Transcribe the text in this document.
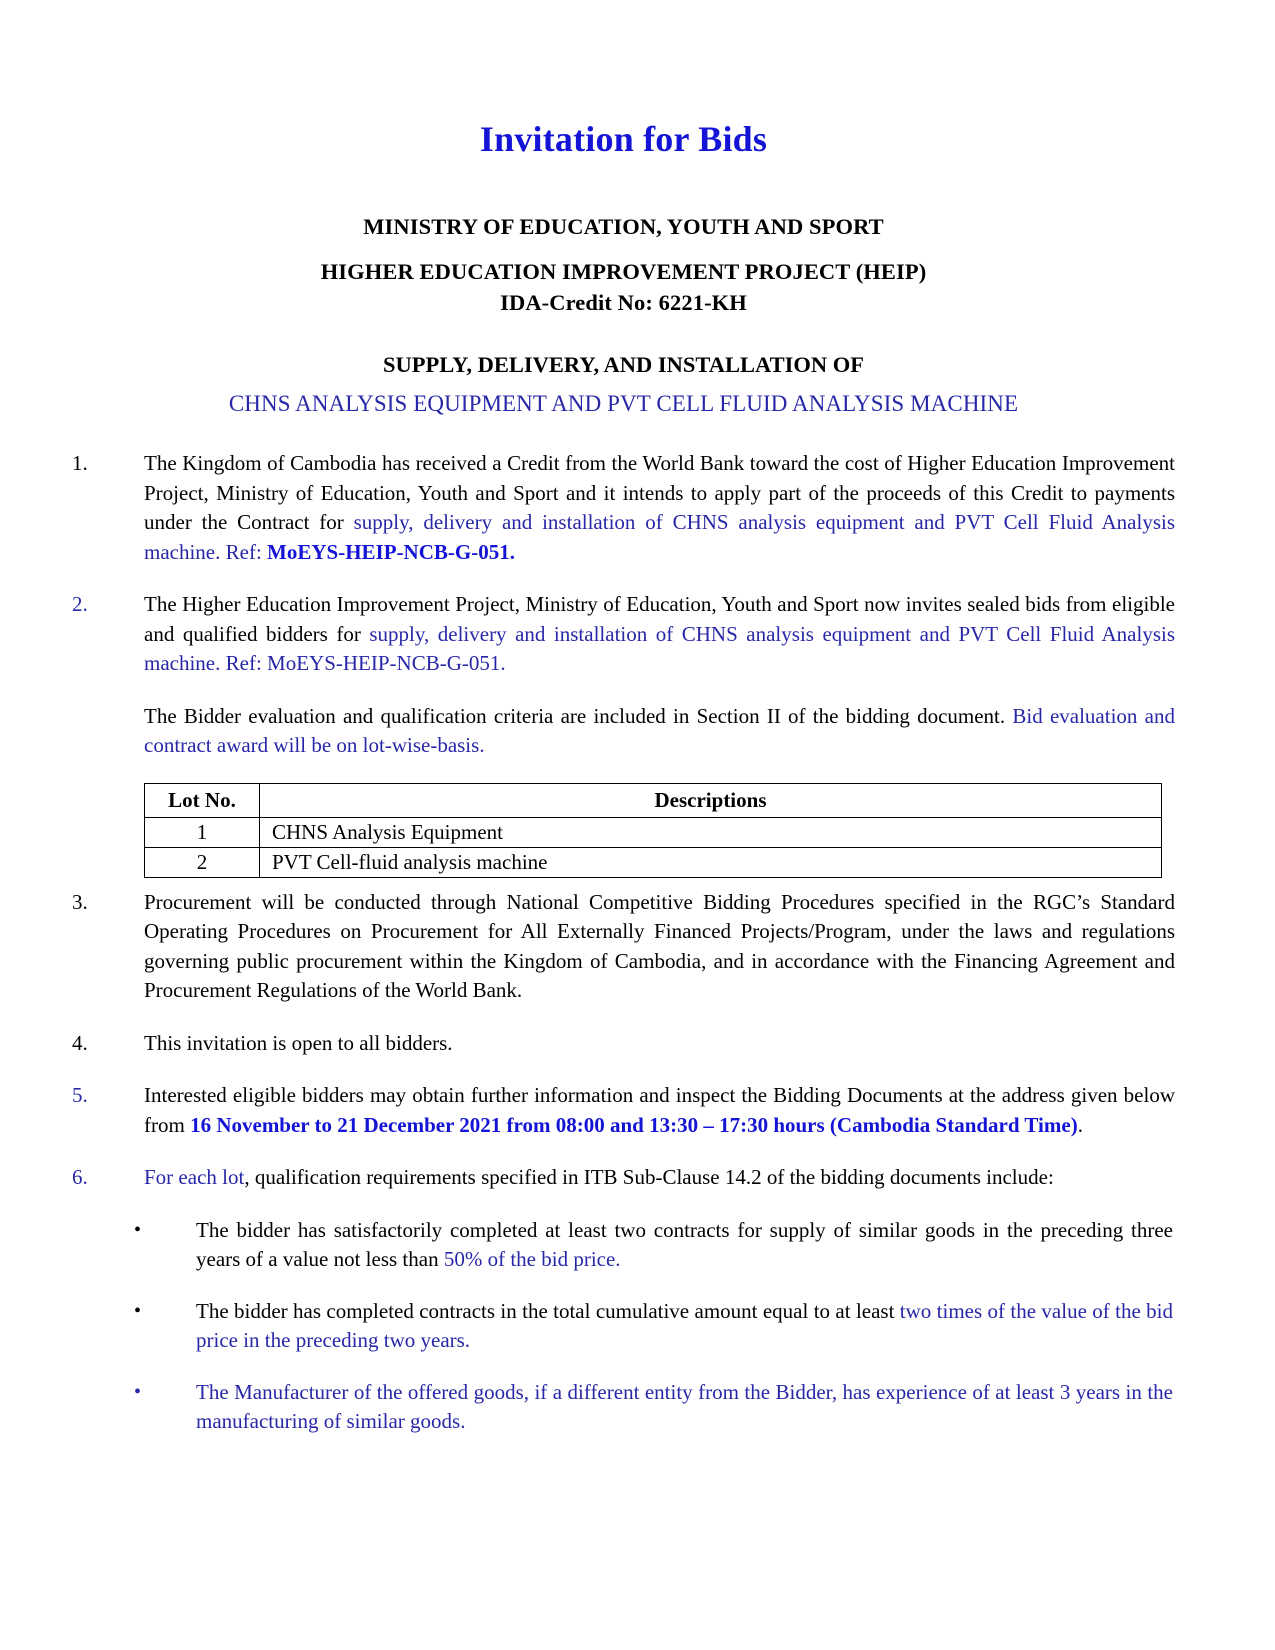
Invitation for Bids
MINISTRY OF EDUCATION, YOUTH AND SPORT
HIGHER EDUCATION IMPROVEMENT PROJECT (HEIP)
IDA-Credit No: 6221-KH
SUPPLY, DELIVERY, AND INSTALLATION OF
CHNS ANALYSIS EQUIPMENT AND PVT CELL FLUID ANALYSIS MACHINE
1.	The Kingdom of Cambodia has received a Credit from the World Bank toward the cost of Higher Education Improvement Project, Ministry of Education, Youth and Sport and it intends to apply part of the proceeds of this Credit to payments under the Contract for supply, delivery and installation of CHNS analysis equipment and PVT Cell Fluid Analysis machine. Ref: MoEYS-HEIP-NCB-G-051.
2.	The Higher Education Improvement Project, Ministry of Education, Youth and Sport now invites sealed bids from eligible and qualified bidders for supply, delivery and installation of CHNS analysis equipment and PVT Cell Fluid Analysis machine. Ref: MoEYS-HEIP-NCB-G-051.
The Bidder evaluation and qualification criteria are included in Section II of the bidding document. Bid evaluation and contract award will be on lot-wise-basis.
Lot No.	Descriptions
1	CHNS Analysis Equipment
2	PVT Cell-fluid analysis machine
3.	Procurement will be conducted through National Competitive Bidding Procedures specified in the RGC’s Standard Operating Procedures on Procurement for All Externally Financed Projects/Program, under the laws and regulations governing public procurement within the Kingdom of Cambodia, and in accordance with the Financing Agreement and Procurement Regulations of the World Bank.
4.	This invitation is open to all bidders.
5.	Interested eligible bidders may obtain further information and inspect the Bidding Documents at the address given below from 16 November to 21 December 2021 from 08:00 and 13:30 – 17:30 hours (Cambodia Standard Time).
6.	For each lot, qualification requirements specified in ITB Sub-Clause 14.2 of the bidding documents include:
•	The bidder has satisfactorily completed at least two contracts for supply of similar goods in the preceding three years of a value not less than 50% of the bid price.
•	The bidder has completed contracts in the total cumulative amount equal to at least two times of the value of the bid price in the preceding two years.
•	The Manufacturer of the offered goods, if a different entity from the Bidder, has experience of at least 3 years in the manufacturing of similar goods.
